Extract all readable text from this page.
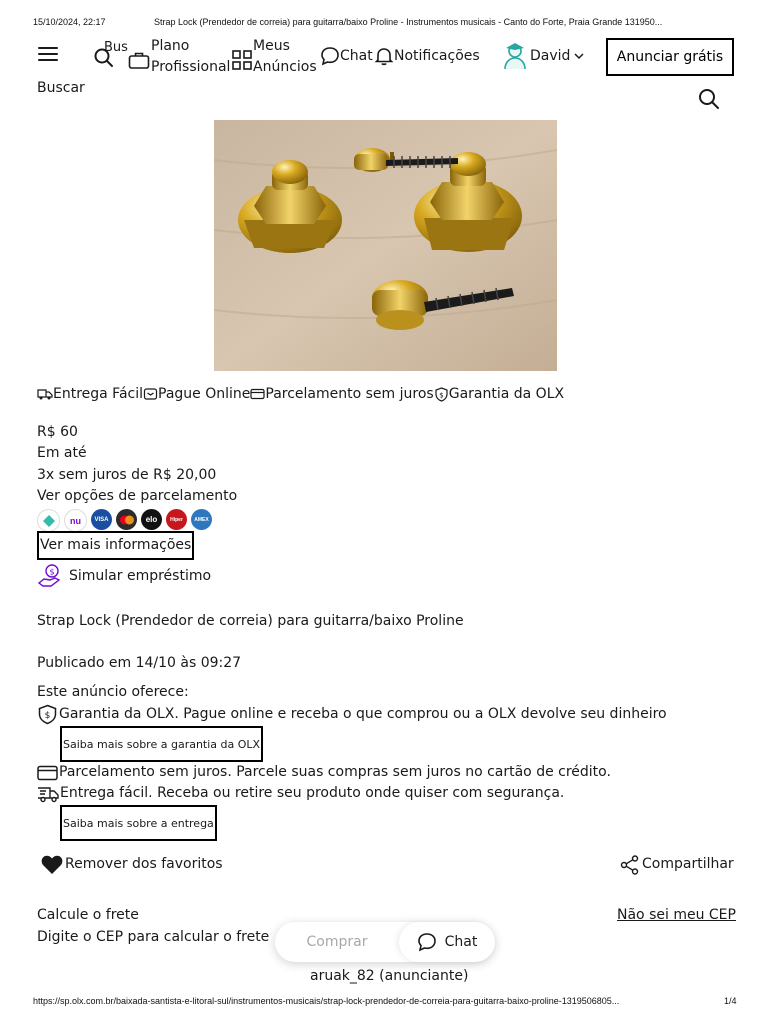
15/10/2024, 22:17	Strap Lock (Prendedor de correia) para guitarra/baixo Proline - Instrumentos musicais - Canto do Forte, Praia Grande 131950...
Bus Plano
Profissional
Meus
Anúncios
Chat Notificações	David	Anunciar grátis
Buscar
Entrega Fácil Pague Online Parcelamento sem juros $ Garantia da OLX
R$ 60
Em até
3x sem juros de R$ 20,00
Ver opções de parcelamento
nu	VISA	elo	Hiper	AMEX
Ver mais informações
$ Simular empréstimo
Strap Lock (Prendedor de correia) para guitarra/baixo Proline
Publicado em 14/10 às 09:27
Este anúncio oferece:
$ Garantia da OLX. Pague online e receba o que comprou ou a OLX devolve seu dinheiro
Saiba mais sobre a garantia da OLX
Parcelamento sem juros. Parcele suas compras sem juros no cartão de crédito.
Entrega fácil. Receba ou retire seu produto onde quiser com segurança.
Saiba mais sobre a entrega
Remover dos favoritos	Compartilhar
Calcule o frete	Não sei meu CEP
Digite o CEP para calcular o frete	Comprar	Chat
aruak_82 (anunciante)
https://sp.olx.com.br/baixada-santista-e-litoral-sul/instrumentos-musicais/strap-lock-prendedor-de-correia-para-guitarra-baixo-proline-1319506805...	1/4
